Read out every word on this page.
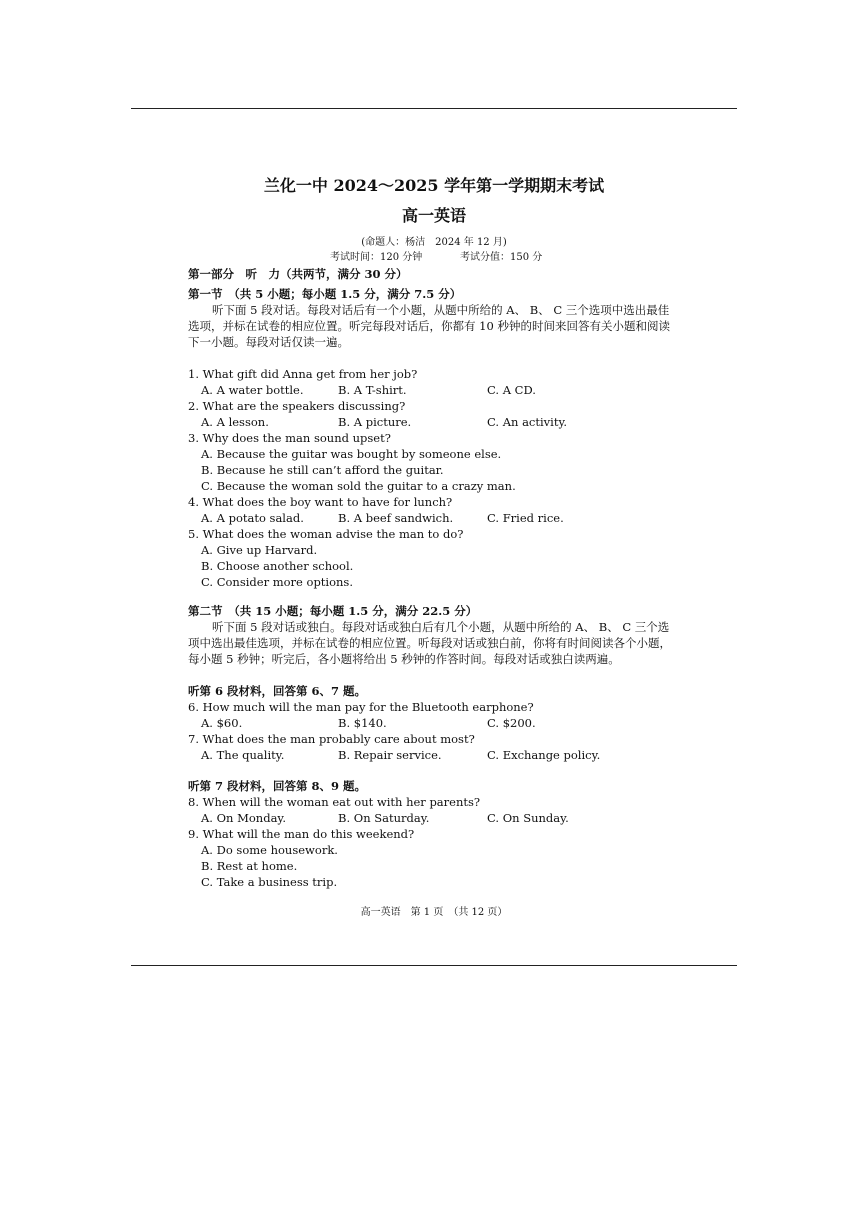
兰化一中 2024～2025 学年第一学期期末考试
高一英语
(命题人：杨洁　2024 年 12 月)
考试时间：120 分钟	考试分值：150 分
第一部分　听　力（共两节，满分 30 分）
第一节　（共 5 小题；每小题 1.5 分，满分 7.5 分）
听下面 5 段对话。每段对话后有一个小题，从题中所给的 A、 B、 C 三个选项中选出最佳选项，并标在试卷的相应位置。听完每段对话后，你都有 10 秒钟的时间来回答有关小题和阅读下一小题。每段对话仅读一遍。
1. What gift did Anna get from her job?
A. A water bottle.	B. A T-shirt.	C. A CD.
2. What are the speakers discussing?
A. A lesson.	B. A picture.	C. An activity.
3. Why does the man sound upset?
A. Because the guitar was bought by someone else.
B. Because he still can’t afford the guitar.
C. Because the woman sold the guitar to a crazy man.
4. What does the boy want to have for lunch?
A. A potato salad.	B. A beef sandwich.	C. Fried rice.
5. What does the woman advise the man to do?
A. Give up Harvard.
B. Choose another school.
C. Consider more options.
第二节　（共 15 小题；每小题 1.5 分，满分 22.5 分）
听下面 5 段对话或独白。每段对话或独白后有几个小题，从题中所给的 A、 B、 C 三个选项中选出最佳选项，并标在试卷的相应位置。听每段对话或独白前，你将有时间阅读各个小题，每小题 5 秒钟；听完后，各小题将给出 5 秒钟的作答时间。每段对话或独白读两遍。
听第 6 段材料，回答第 6、7 题。
6. How much will the man pay for the Bluetooth earphone?
A. $60.	B. $140.	C. $200.
7. What does the man probably care about most?
A. The quality.	B. Repair service.	C. Exchange policy.
听第 7 段材料，回答第 8、9 题。
8. When will the woman eat out with her parents?
A. On Monday.	B. On Saturday.	C. On Sunday.
9. What will the man do this weekend?
A. Do some housework.
B. Rest at home.
C. Take a business trip.
高一英语　第 1 页　（共 12 页）
